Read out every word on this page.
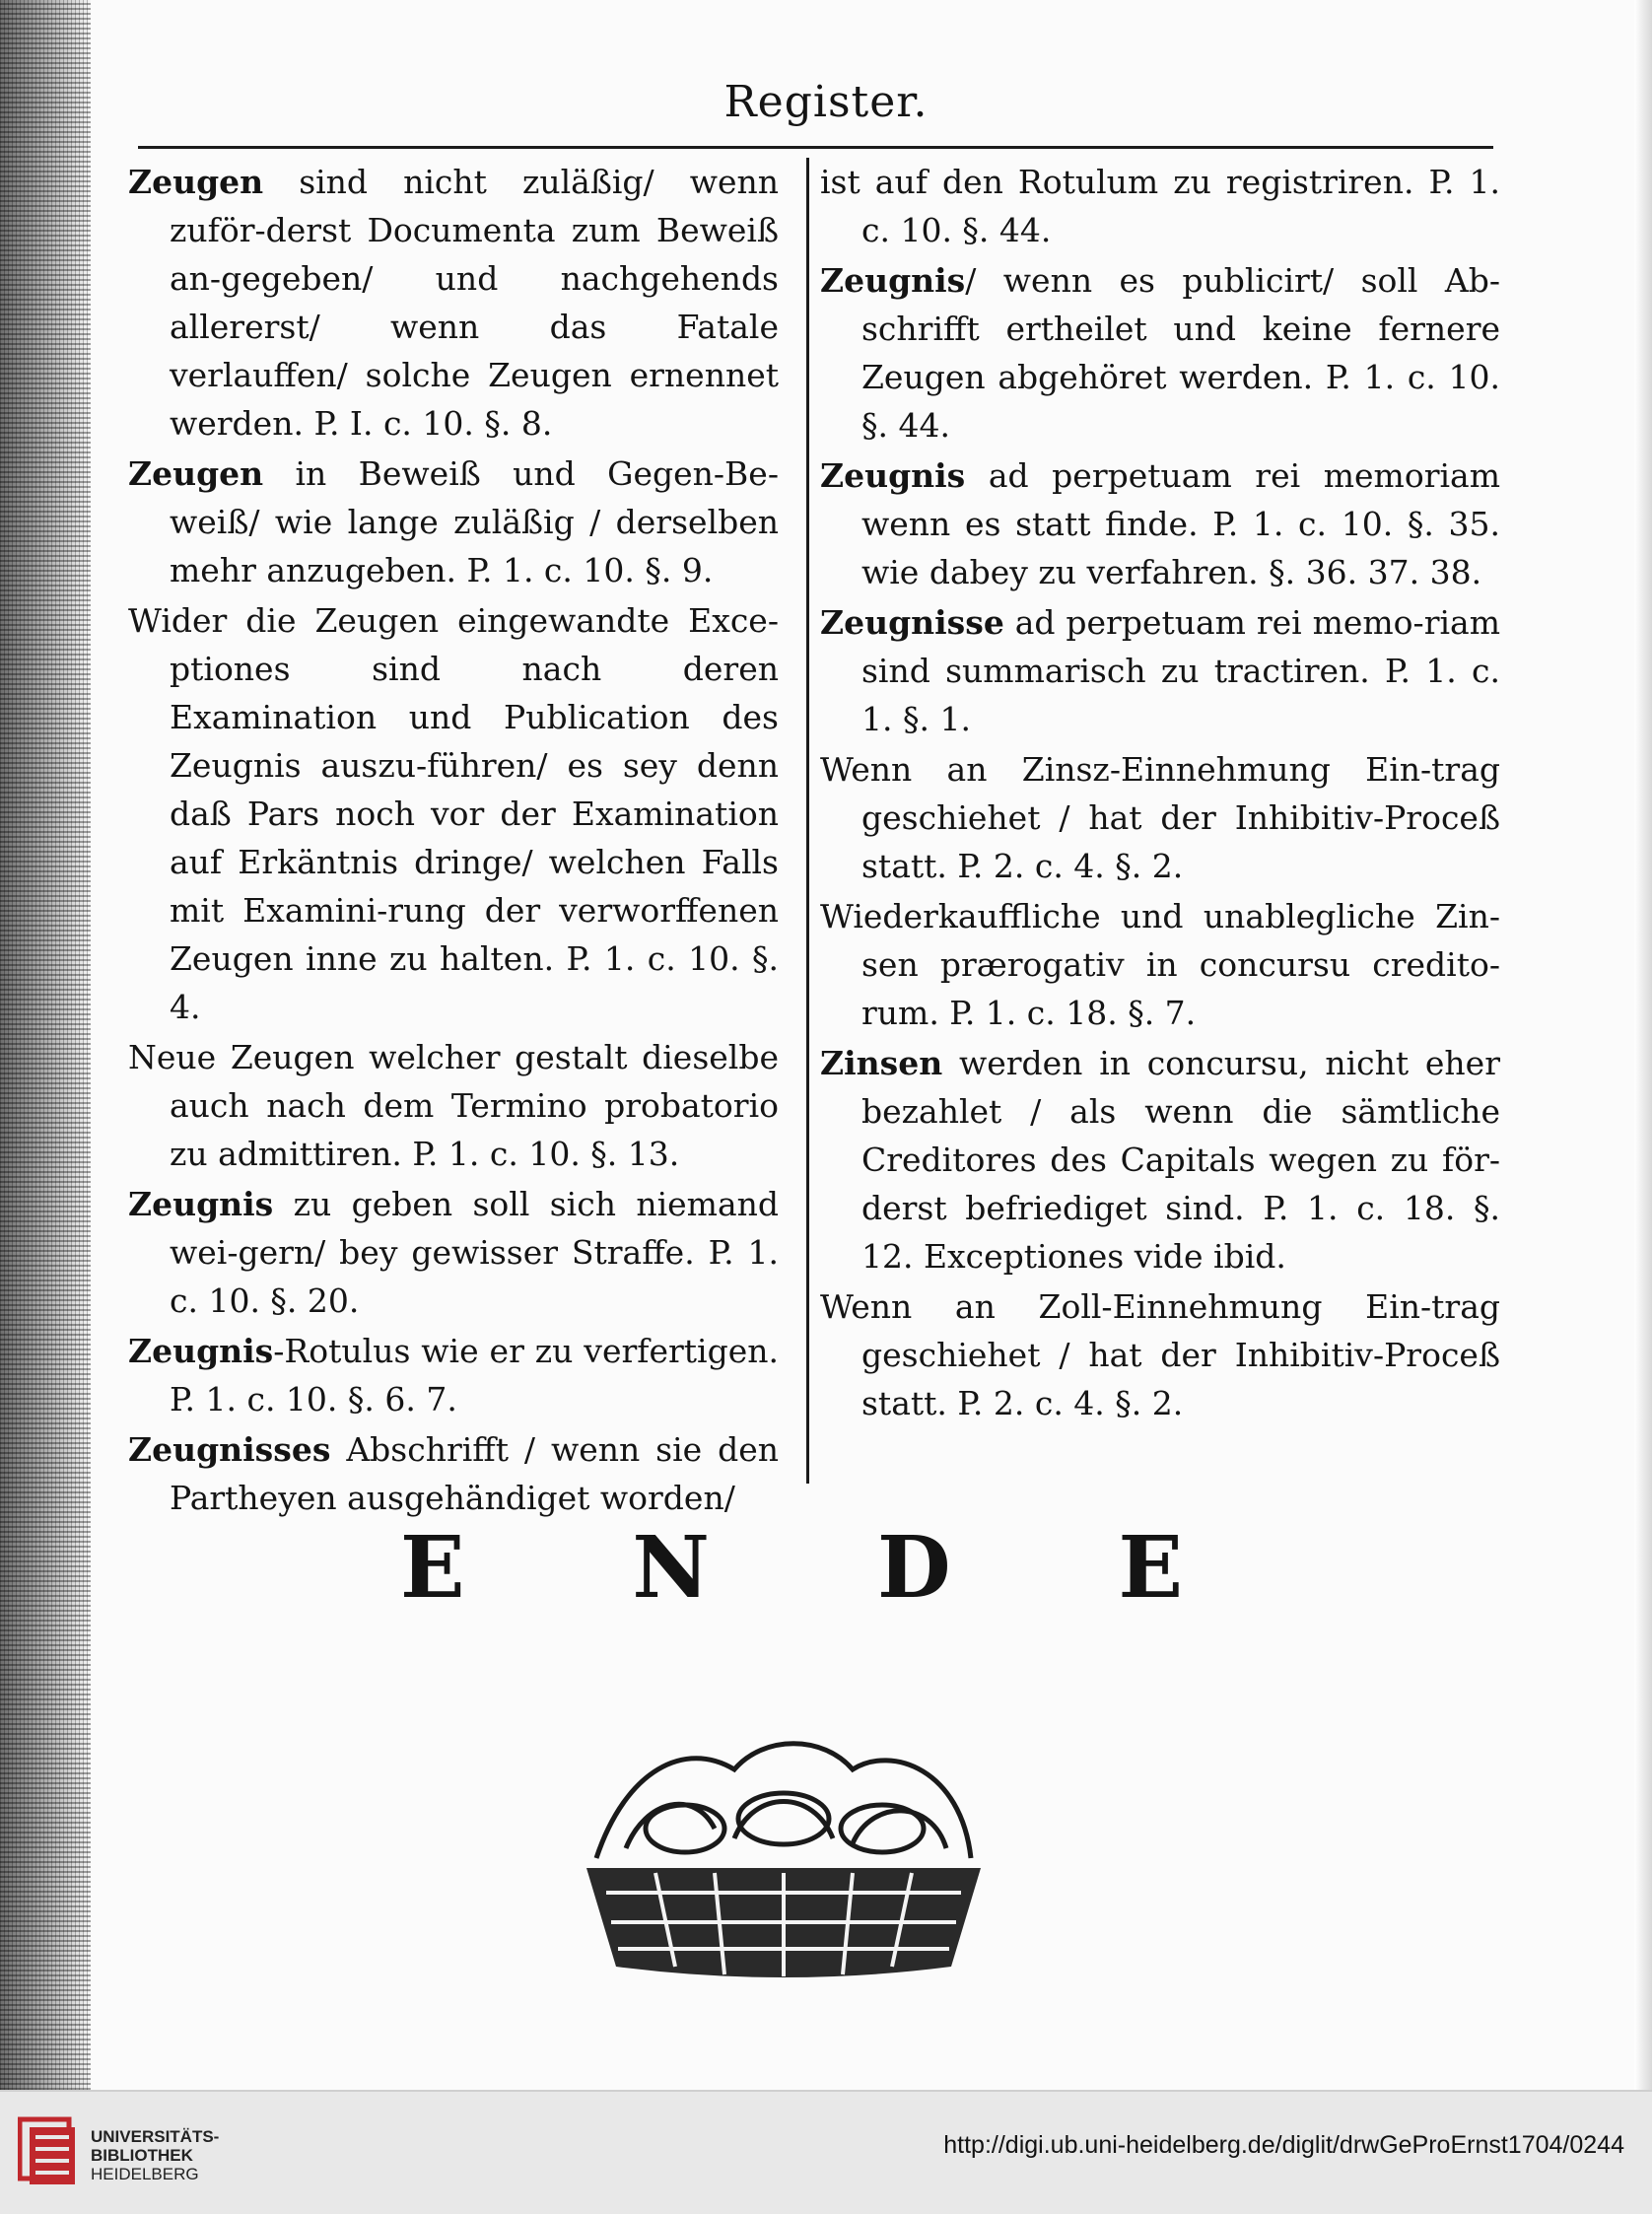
Register.

Zeugen sind nicht zuläßig/ wenn zuför-derst Documenta zum Beweiß an-gegeben/ und nachgehends allererst/ wenn das Fatale verlauffen/ solche Zeugen ernennet werden. P. I. c. 10. §. 8.

Zeugen in Beweiß und Gegen-Be-weiß/ wie lange zuläßig / derselben mehr anzugeben. P. 1. c. 10. §. 9.

Wider die Zeugen eingewandte Exce-ptiones sind nach deren Examination und Publication des Zeugnis auszu-führen/ es sey denn daß Pars noch vor der Examination auf Erkäntnis dringe/ welchen Falls mit Examini-rung der verworffenen Zeugen inne zu halten. P. 1. c. 10. §. 4.

Neue Zeugen welcher gestalt dieselbe auch nach dem Termino probatorio zu admittiren. P. 1. c. 10. §. 13.

Zeugnis zu geben soll sich niemand wei-gern/ bey gewisser Straffe. P. 1. c. 10. §. 20.

Zeugnis-Rotulus wie er zu verfertigen. P. 1. c. 10. §. 6. 7.

Zeugnisses Abschrifft / wenn sie den Partheyen ausgehändiget worden/

ist auf den Rotulum zu registriren. P. 1. c. 10. §. 44.

Zeugnis/ wenn es publicirt/ soll Ab-schrifft ertheilet und keine fernere Zeugen abgehöret werden. P. 1. c. 10. §. 44.

Zeugnis ad perpetuam rei memoriam wenn es statt finde. P. 1. c. 10. §. 35. wie dabey zu verfahren. §. 36. 37. 38.

Zeugnisse ad perpetuam rei memo-riam sind summarisch zu tractiren. P. 1. c. 1. §. 1.

Wenn an Zinsz-Einnehmung Ein-trag geschiehet / hat der Inhibitiv-Proceß statt. P. 2. c. 4. §. 2.

Wiederkauffliche und unablegliche Zin-sen prærogativ in concursu credito-rum. P. 1. c. 18. §. 7.

Zinsen werden in concursu, nicht eher bezahlet / als wenn die sämtliche Creditores des Capitals wegen zu för-derst befriediget sind. P. 1. c. 18. §. 12. Exceptiones vide ibid.

Wenn an Zoll-Einnehmung Ein-trag geschiehet / hat der Inhibitiv-Proceß statt. P. 2. c. 4. §. 2.

E N D E
UNIVERSITÄTS-
BIBLIOTHEK
HEIDELBERG
http://digi.ub.uni-heidelberg.de/diglit/drwGeProErnst1704/0244
